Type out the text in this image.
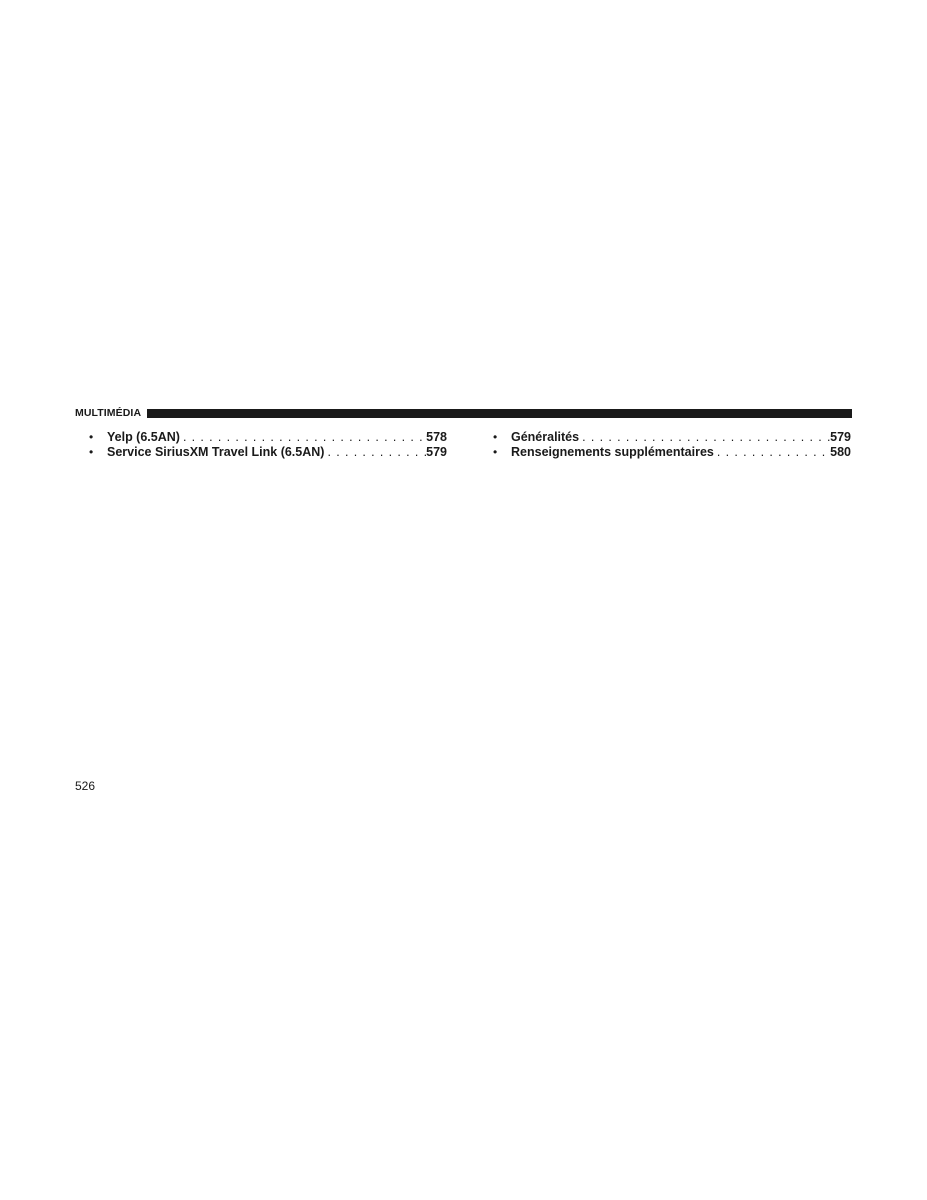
MULTIMÉDIA
•	Yelp (6.5AN) . . .	578
•	Service SiriusXM Travel Link (6.5AN) . . .	579
•	Généralités . . .	579
•	Renseignements supplémentaires . . .	580
526
